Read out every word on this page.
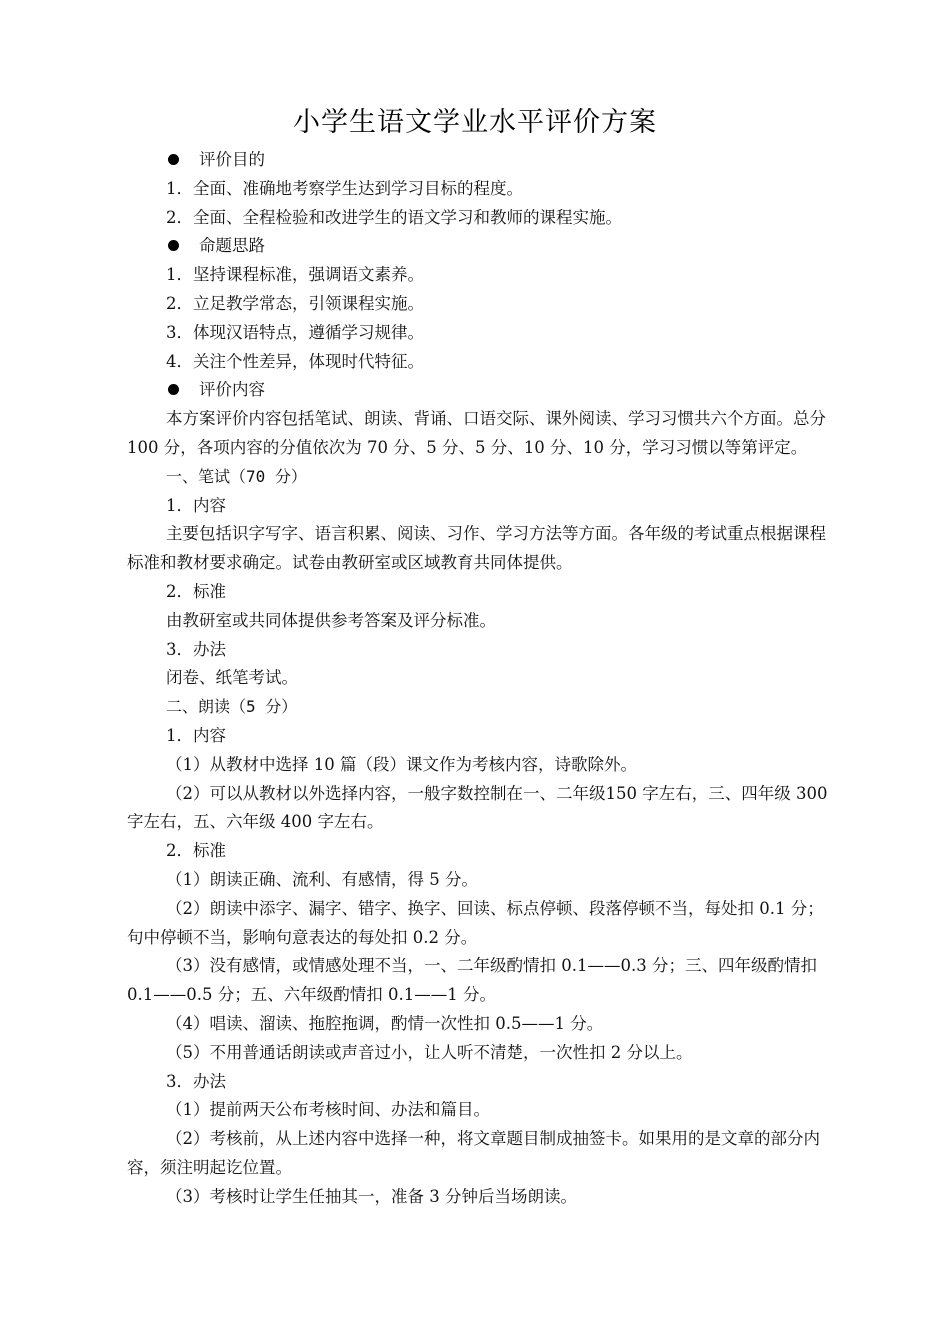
小学生语文学业水平评价方案
评价目的

1．全面、准确地考察学生达到学习目标的程度。

2．全面、全程检验和改进学生的语文学习和教师的课程实施。

命题思路

1．坚持课程标准，强调语文素养。

2．立足教学常态，引领课程实施。

3．体现汉语特点，遵循学习规律。

4．关注个性差异，体现时代特征。

评价内容

本方案评价内容包括笔试、朗读、背诵、口语交际、课外阅读、学习习惯共六个方面。总分 100 分，各项内容的分值依次为 70 分、5 分、5 分、10 分、10 分，学习习惯以等第评定。

一、笔试（70 分）

1．内容

主要包括识字写字、语言积累、阅读、习作、学习方法等方面。各年级的考试重点根据课程标准和教材要求确定。试卷由教研室或区域教育共同体提供。

2．标准

由教研室或共同体提供参考答案及评分标准。

3．办法

闭卷、纸笔考试。

二、朗读（5 分）

1．内容

（1）从教材中选择 10 篇（段）课文作为考核内容，诗歌除外。

（2）可以从教材以外选择内容，一般字数控制在一、二年级150 字左右，三、四年级 300 字左右，五、六年级 400 字左右。

2．标准

（1）朗读正确、流利、有感情，得 5 分。

（2）朗读中添字、漏字、错字、换字、回读、标点停顿、段落停顿不当，每处扣 0.1 分；句中停顿不当，影响句意表达的每处扣 0.2 分。

（3）没有感情，或情感处理不当，一、二年级酌情扣 0.1——0.3 分；三、四年级酌情扣 0.1——0.5 分；五、六年级酌情扣 0.1——1 分。

（4）唱读、溜读、拖腔拖调，酌情一次性扣 0.5——1 分。

（5）不用普通话朗读或声音过小，让人听不清楚，一次性扣 2 分以上。

3．办法

（1）提前两天公布考核时间、办法和篇目。

（2）考核前，从上述内容中选择一种，将文章题目制成抽签卡。如果用的是文章的部分内容，须注明起讫位置。

（3）考核时让学生任抽其一，准备 3 分钟后当场朗读。
